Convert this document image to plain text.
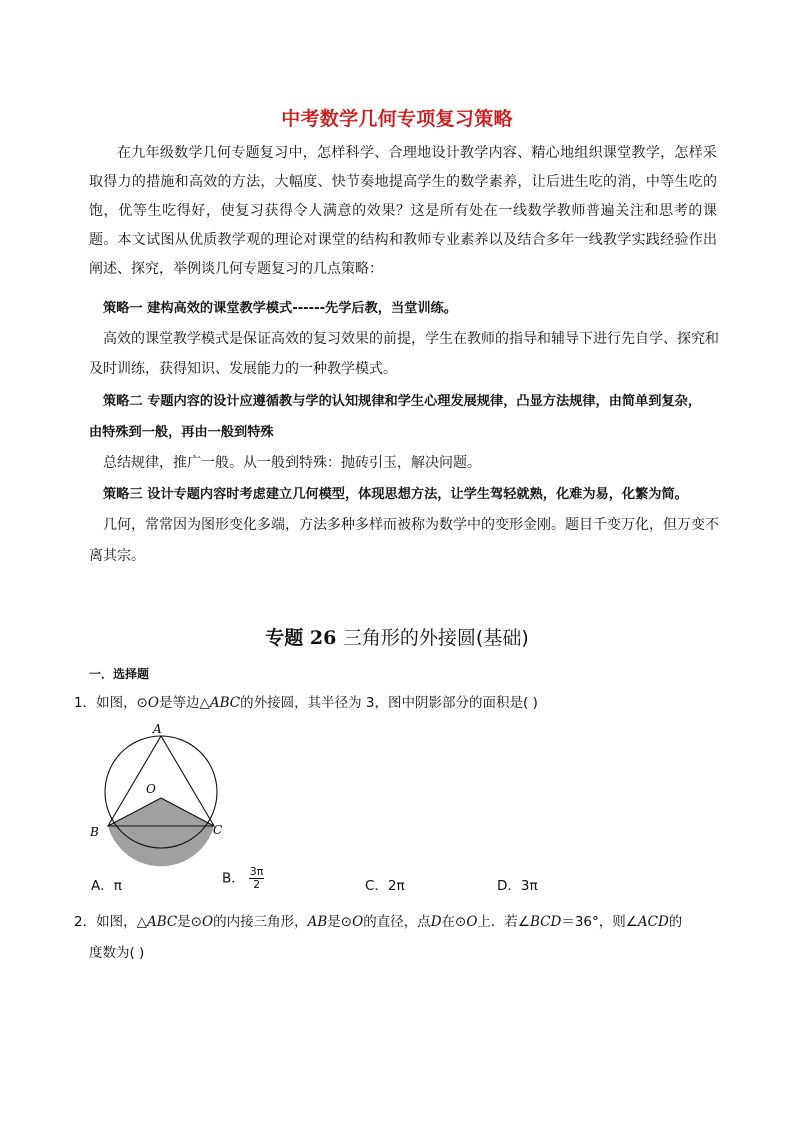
中考数学几何专项复习策略
在九年级数学几何专题复习中，怎样科学、合理地设计教学内容、精心地组织课堂教学，怎样采取得力的措施和高效的方法，大幅度、快节奏地提高学生的数学素养，让后进生吃的消，中等生吃的饱，优等生吃得好，使复习获得令人满意的效果？这是所有处在一线数学教师普遍关注和思考的课题。本文试图从优质教学观的理论对课堂的结构和教师专业素养以及结合多年一线教学实践经验作出阐述、探究，举例谈几何专题复习的几点策略：
策略一 建构高效的课堂教学模式------先学后教，当堂训练。
高效的课堂教学模式是保证高效的复习效果的前提，学生在教师的指导和辅导下进行先自学、探究和
及时训练，获得知识、发展能力的一种教学模式。
策略二 专题内容的设计应遵循教与学的认知规律和学生心理发展规律，凸显方法规律，由简单到复杂，
由特殊到一般，再由一般到特殊
总结规律，推广一般。从一般到特殊：抛砖引玉，解决问题。
策略三 设计专题内容时考虑建立几何模型，体现思想方法，让学生驾轻就熟，化难为易，化繁为简。
几何，常常因为图形变化多端，方法多种多样而被称为数学中的变形金刚。题目千变万化，但万变不
离其宗。
专题 26 三角形的外接圆(基础)
一．选择题
1．如图，⊙O是等边△ABC的外接圆，其半径为 3，图中阴影部分的面积是( )
A
O
B	C
A．π	B． $\frac{3\pi}{2}$	C．2π	D．3π
2．如图，△ABC是⊙O的内接三角形，AB是⊙O的直径，点D在⊙O上．若∠BCD＝36°，则∠ACD的
度数为( )
